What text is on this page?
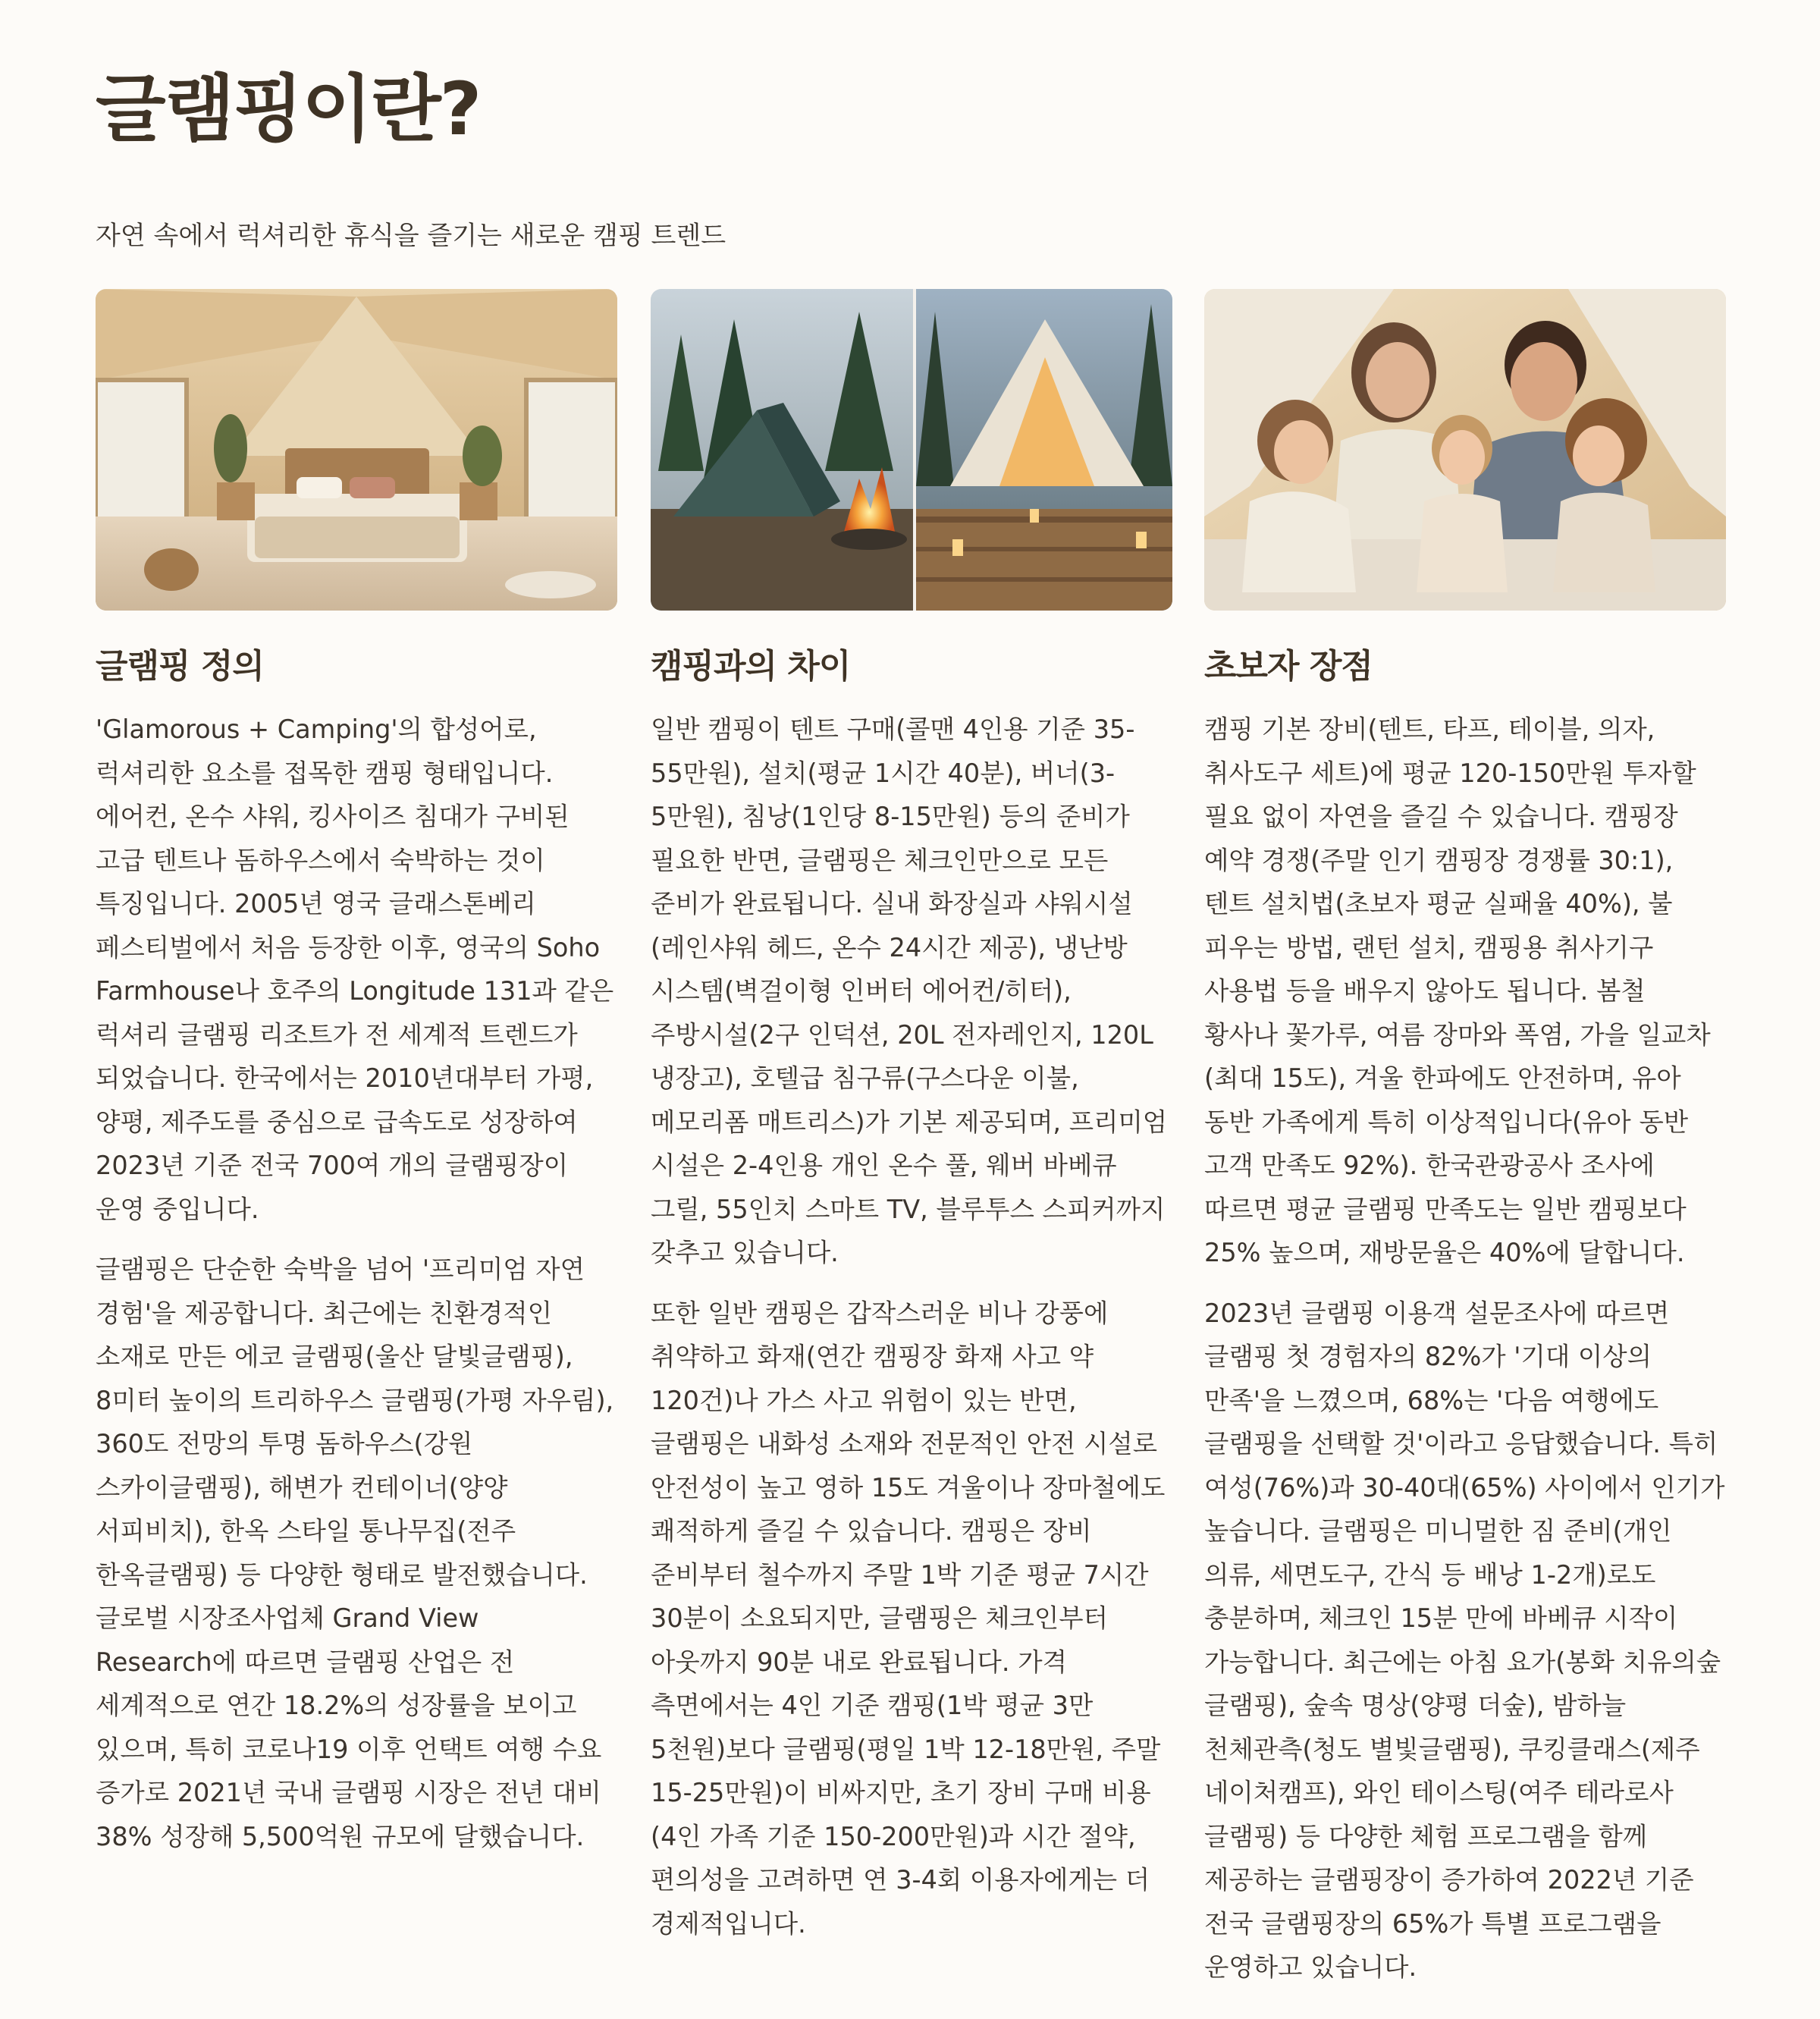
글램핑이란?

자연 속에서 럭셔리한 휴식을 즐기는 새로운 캠핑 트렌드

글램핑 정의

'Glamorous + Camping'의 합성어로, 럭셔리한 요소를 접목한 캠핑 형태입니다. 에어컨, 온수 샤워, 킹사이즈 침대가 구비된 고급 텐트나 돔하우스에서 숙박하는 것이 특징입니다. 2005년 영국 글래스톤베리 페스티벌에서 처음 등장한 이후, 영국의 Soho Farmhouse나 호주의 Longitude 131과 같은 럭셔리 글램핑 리조트가 전 세계적 트렌드가 되었습니다. 한국에서는 2010년대부터 가평, 양평, 제주도를 중심으로 급속도로 성장하여 2023년 기준 전국 700여 개의 글램핑장이 운영 중입니다.

글램핑은 단순한 숙박을 넘어 '프리미엄 자연 경험'을 제공합니다. 최근에는 친환경적인 소재로 만든 에코 글램핑(울산 달빛글램핑), 8미터 높이의 트리하우스 글램핑(가평 자우림), 360도 전망의 투명 돔하우스(강원 스카이글램핑), 해변가 컨테이너(양양 서피비치), 한옥 스타일 통나무집(전주 한옥글램핑) 등 다양한 형태로 발전했습니다. 글로벌 시장조사업체 Grand View Research에 따르면 글램핑 산업은 전 세계적으로 연간 18.2%의 성장률을 보이고 있으며, 특히 코로나19 이후 언택트 여행 수요 증가로 2021년 국내 글램핑 시장은 전년 대비 38% 성장해 5,500억원 규모에 달했습니다.

캠핑과의 차이

일반 캠핑이 텐트 구매(콜맨 4인용 기준 35-55만원), 설치(평균 1시간 40분), 버너(3-5만원), 침낭(1인당 8-15만원) 등의 준비가 필요한 반면, 글램핑은 체크인만으로 모든 준비가 완료됩니다. 실내 화장실과 샤워시설(레인샤워 헤드, 온수 24시간 제공), 냉난방 시스템(벽걸이형 인버터 에어컨/히터), 주방시설(2구 인덕션, 20L 전자레인지, 120L 냉장고), 호텔급 침구류(구스다운 이불, 메모리폼 매트리스)가 기본 제공되며, 프리미엄 시설은 2-4인용 개인 온수 풀, 웨버 바베큐 그릴, 55인치 스마트 TV, 블루투스 스피커까지 갖추고 있습니다.

또한 일반 캠핑은 갑작스러운 비나 강풍에 취약하고 화재(연간 캠핑장 화재 사고 약 120건)나 가스 사고 위험이 있는 반면, 글램핑은 내화성 소재와 전문적인 안전 시설로 안전성이 높고 영하 15도 겨울이나 장마철에도 쾌적하게 즐길 수 있습니다. 캠핑은 장비 준비부터 철수까지 주말 1박 기준 평균 7시간 30분이 소요되지만, 글램핑은 체크인부터 아웃까지 90분 내로 완료됩니다. 가격 측면에서는 4인 기준 캠핑(1박 평균 3만 5천원)보다 글램핑(평일 1박 12-18만원, 주말 15-25만원)이 비싸지만, 초기 장비 구매 비용(4인 가족 기준 150-200만원)과 시간 절약, 편의성을 고려하면 연 3-4회 이용자에게는 더 경제적입니다.

초보자 장점

캠핑 기본 장비(텐트, 타프, 테이블, 의자, 취사도구 세트)에 평균 120-150만원 투자할 필요 없이 자연을 즐길 수 있습니다. 캠핑장 예약 경쟁(주말 인기 캠핑장 경쟁률 30:1), 텐트 설치법(초보자 평균 실패율 40%), 불 피우는 방법, 랜턴 설치, 캠핑용 취사기구 사용법 등을 배우지 않아도 됩니다. 봄철 황사나 꽃가루, 여름 장마와 폭염, 가을 일교차(최대 15도), 겨울 한파에도 안전하며, 유아 동반 가족에게 특히 이상적입니다(유아 동반 고객 만족도 92%). 한국관광공사 조사에 따르면 평균 글램핑 만족도는 일반 캠핑보다 25% 높으며, 재방문율은 40%에 달합니다.

2023년 글램핑 이용객 설문조사에 따르면 글램핑 첫 경험자의 82%가 '기대 이상의 만족'을 느꼈으며, 68%는 '다음 여행에도 글램핑을 선택할 것'이라고 응답했습니다. 특히 여성(76%)과 30-40대(65%) 사이에서 인기가 높습니다. 글램핑은 미니멀한 짐 준비(개인 의류, 세면도구, 간식 등 배낭 1-2개)로도 충분하며, 체크인 15분 만에 바베큐 시작이 가능합니다. 최근에는 아침 요가(봉화 치유의숲 글램핑), 숲속 명상(양평 더숲), 밤하늘 천체관측(청도 별빛글램핑), 쿠킹클래스(제주 네이처캠프), 와인 테이스팅(여주 테라로사 글램핑) 등 다양한 체험 프로그램을 함께 제공하는 글램핑장이 증가하여 2022년 기준 전국 글램핑장의 65%가 특별 프로그램을 운영하고 있습니다.
